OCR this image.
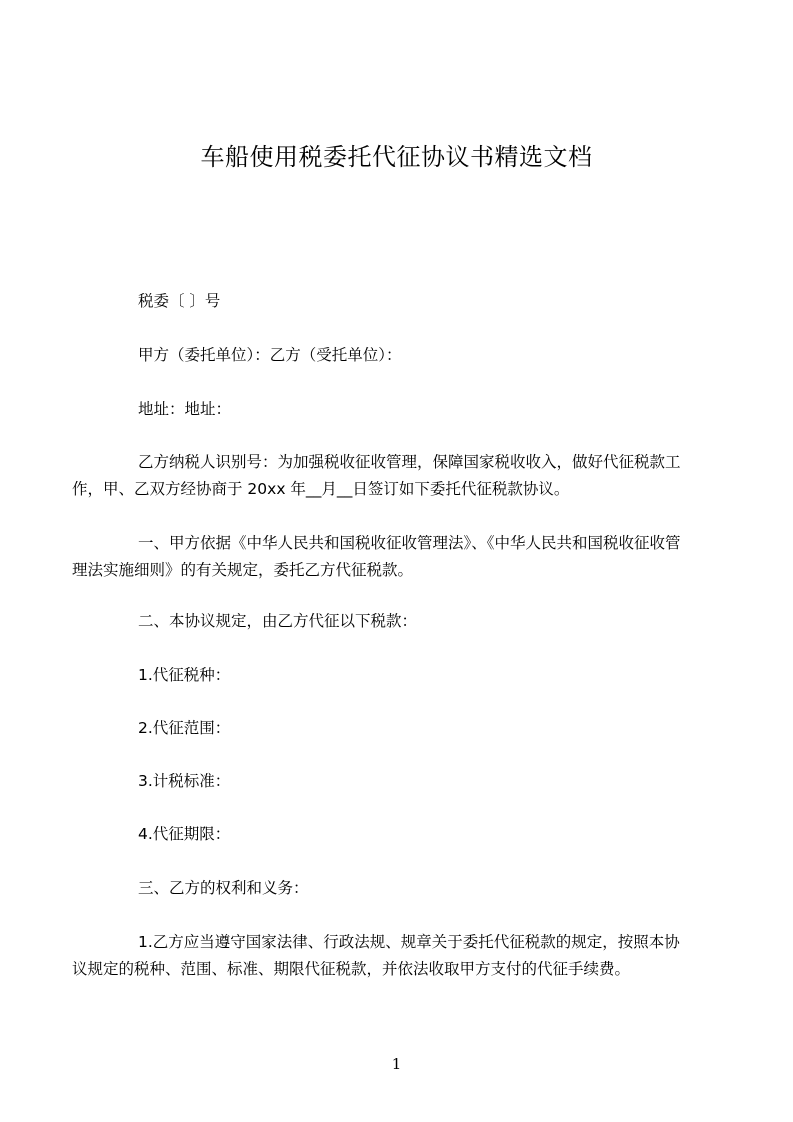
车船使用税委托代征协议书精选文档
税委〔 〕号
甲方（委托单位）：乙方（受托单位）：
地址：地址：
乙方纳税人识别号：为加强税收征收管理，保障国家税收收入，做好代征税款工
作，甲、乙双方经协商于 20xx 年__月__日签订如下委托代征税款协议。
一、甲方依据《中华人民共和国税收征收管理法》、《中华人民共和国税收征收管
理法实施细则》的有关规定，委托乙方代征税款。
二、本协议规定，由乙方代征以下税款：
1.代征税种：
2.代征范围：
3.计税标准：
4.代征期限：
三、乙方的权利和义务：
1.乙方应当遵守国家法律、行政法规、规章关于委托代征税款的规定，按照本协
议规定的税种、范围、标准、期限代征税款，并依法收取甲方支付的代征手续费。
1
